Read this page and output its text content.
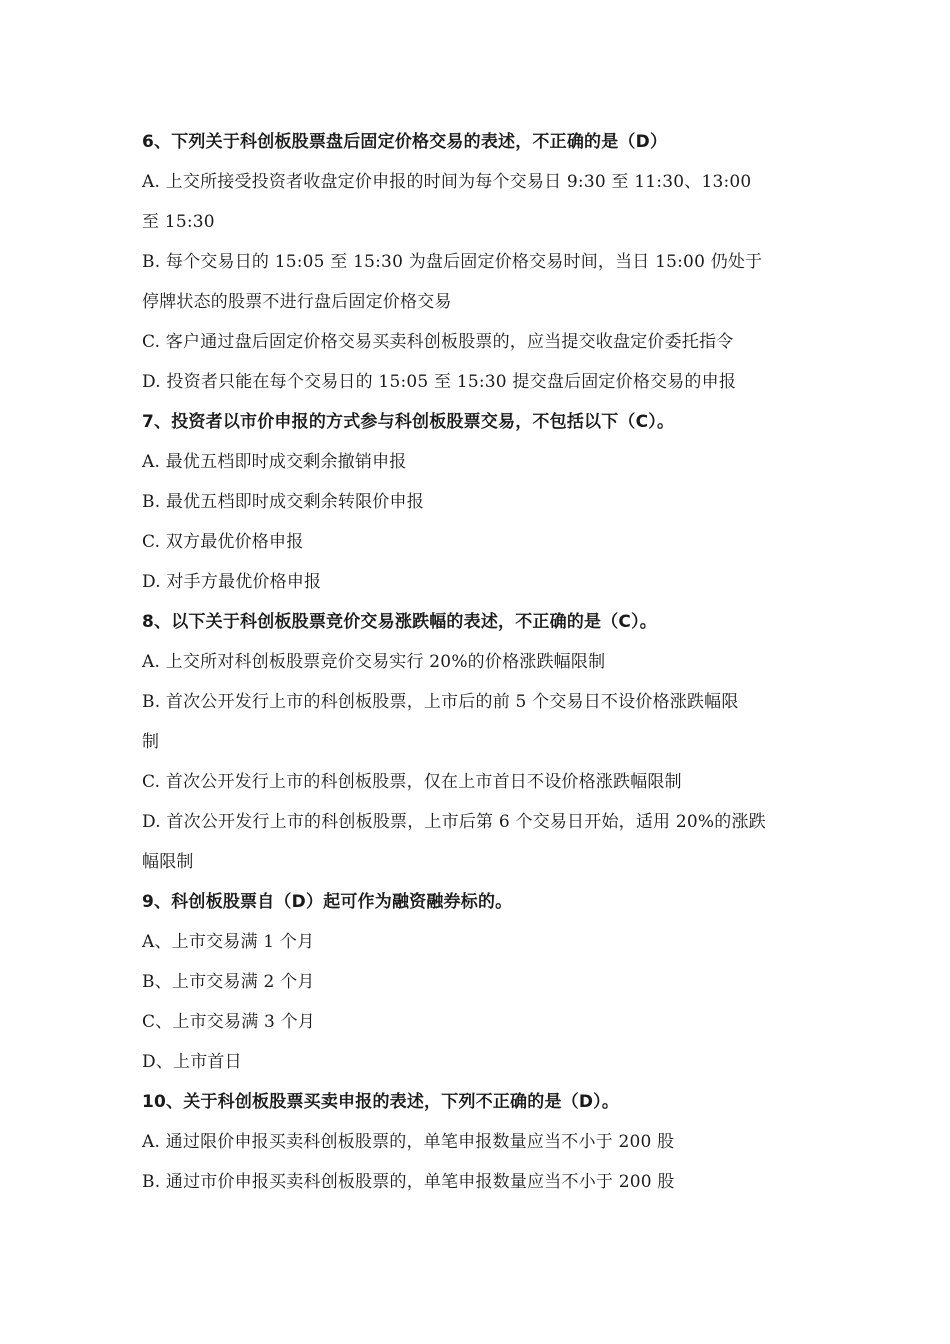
6、下列关于科创板股票盘后固定价格交易的表述，不正确的是（D）
A. 上交所接受投资者收盘定价申报的时间为每个交易日 9:30 至 11:30、13:00
至 15:30
B. 每个交易日的 15:05 至 15:30 为盘后固定价格交易时间，当日 15:00 仍处于
停牌状态的股票不进行盘后固定价格交易
C. 客户通过盘后固定价格交易买卖科创板股票的，应当提交收盘定价委托指令
D. 投资者只能在每个交易日的 15:05 至 15:30 提交盘后固定价格交易的申报
7、投资者以市价申报的方式参与科创板股票交易，不包括以下（C）。
A. 最优五档即时成交剩余撤销申报
B. 最优五档即时成交剩余转限价申报
C. 双方最优价格申报
D. 对手方最优价格申报
8、以下关于科创板股票竞价交易涨跌幅的表述，不正确的是（C）。
A. 上交所对科创板股票竞价交易实行 20%的价格涨跌幅限制
B. 首次公开发行上市的科创板股票，上市后的前 5 个交易日不设价格涨跌幅限
制
C. 首次公开发行上市的科创板股票，仅在上市首日不设价格涨跌幅限制
D. 首次公开发行上市的科创板股票，上市后第 6 个交易日开始，适用 20%的涨跌
幅限制
9、科创板股票自（D）起可作为融资融券标的。
A、上市交易满 1 个月
B、上市交易满 2 个月
C、上市交易满 3 个月
D、上市首日
10、关于科创板股票买卖申报的表述，下列不正确的是（D）。
A. 通过限价申报买卖科创板股票的，单笔申报数量应当不小于 200 股
B. 通过市价申报买卖科创板股票的，单笔申报数量应当不小于 200 股
